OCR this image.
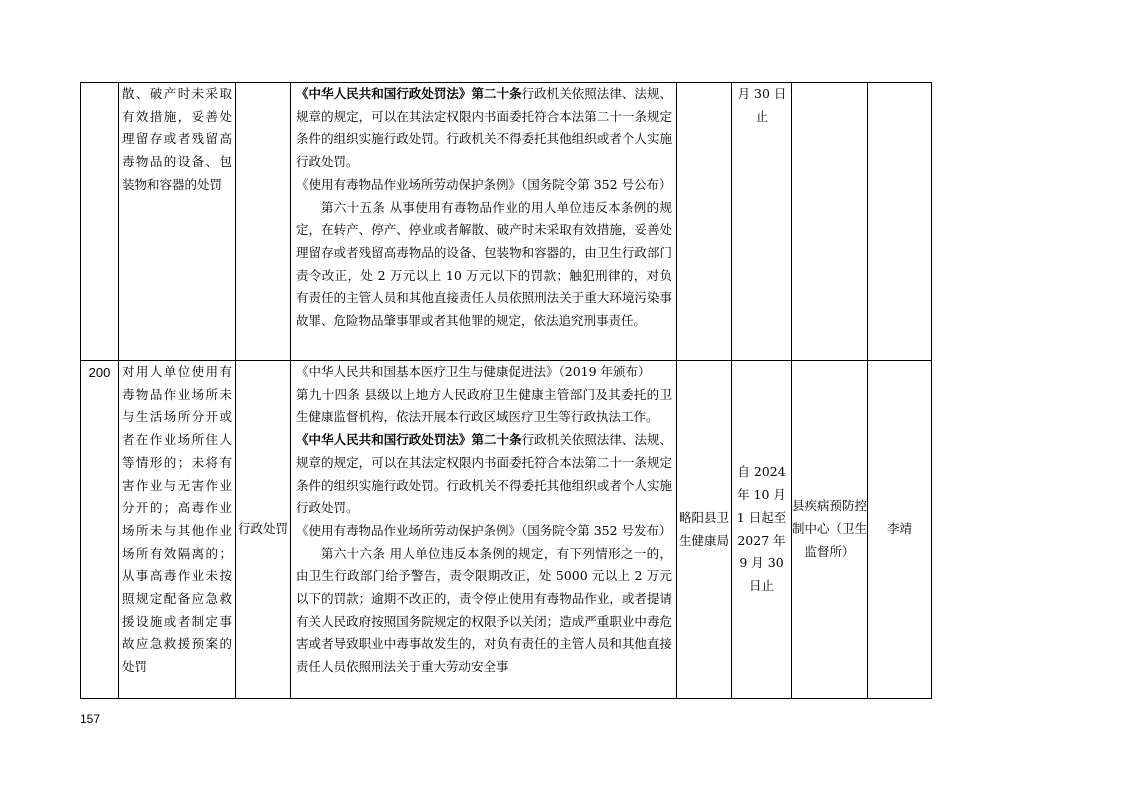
	散、破产时未采取有效措施，妥善处理留存或者残留高毒物品的设备、包装物和容器的处罚		《中华人民共和国行政处罚法》第二十条行政机关依照法律、法规、规章的规定，可以在其法定权限内书面委托符合本法第二十一条规定条件的组织实施行政处罚。行政机关不得委托其他组织或者个人实施行政处罚。
《使用有毒物品作业场所劳动保护条例》（国务院令第 352 号公布）
第六十五条 从事使用有毒物品作业的用人单位违反本条例的规定，在转产、停产、停业或者解散、破产时未采取有效措施，妥善处理留存或者残留高毒物品的设备、包装物和容器的，由卫生行政部门责令改正，处 2 万元以上 10 万元以下的罚款；触犯刑律的，对负有责任的主管人员和其他直接责任人员依照刑法关于重大环境污染事故罪、危险物品肇事罪或者其他罪的规定，依法追究刑事责任。		月 30 日止		
200	对用人单位使用有毒物品作业场所未与生活场所分开或者在作业场所住人等情形的；未将有害作业与无害作业分开的；高毒作业场所未与其他作业场所有效隔离的；从事高毒作业未按照规定配备应急救援设施或者制定事故应急救援预案的处罚	行政处罚	《中华人民共和国基本医疗卫生与健康促进法》（2019 年颁布）
第九十四条 县级以上地方人民政府卫生健康主管部门及其委托的卫生健康监督机构，依法开展本行政区域医疗卫生等行政执法工作。
《中华人民共和国行政处罚法》第二十条行政机关依照法律、法规、规章的规定，可以在其法定权限内书面委托符合本法第二十一条规定条件的组织实施行政处罚。行政机关不得委托其他组织或者个人实施行政处罚。
《使用有毒物品作业场所劳动保护条例》（国务院令第 352 号发布）
第六十六条 用人单位违反本条例的规定，有下列情形之一的，由卫生行政部门给予警告，责令限期改正，处 5000 元以上 2 万元以下的罚款；逾期不改正的，责令停止使用有毒物品作业，或者提请有关人民政府按照国务院规定的权限予以关闭；造成严重职业中毒危害或者导致职业中毒事故发生的，对负有责任的主管人员和其他直接责任人员依照刑法关于重大劳动安全事	略阳县卫生健康局	自 2024 年 10 月 1 日起至 2027 年 9 月 30 日止	县疾病预防控制中心（卫生监督所）	李靖
157
